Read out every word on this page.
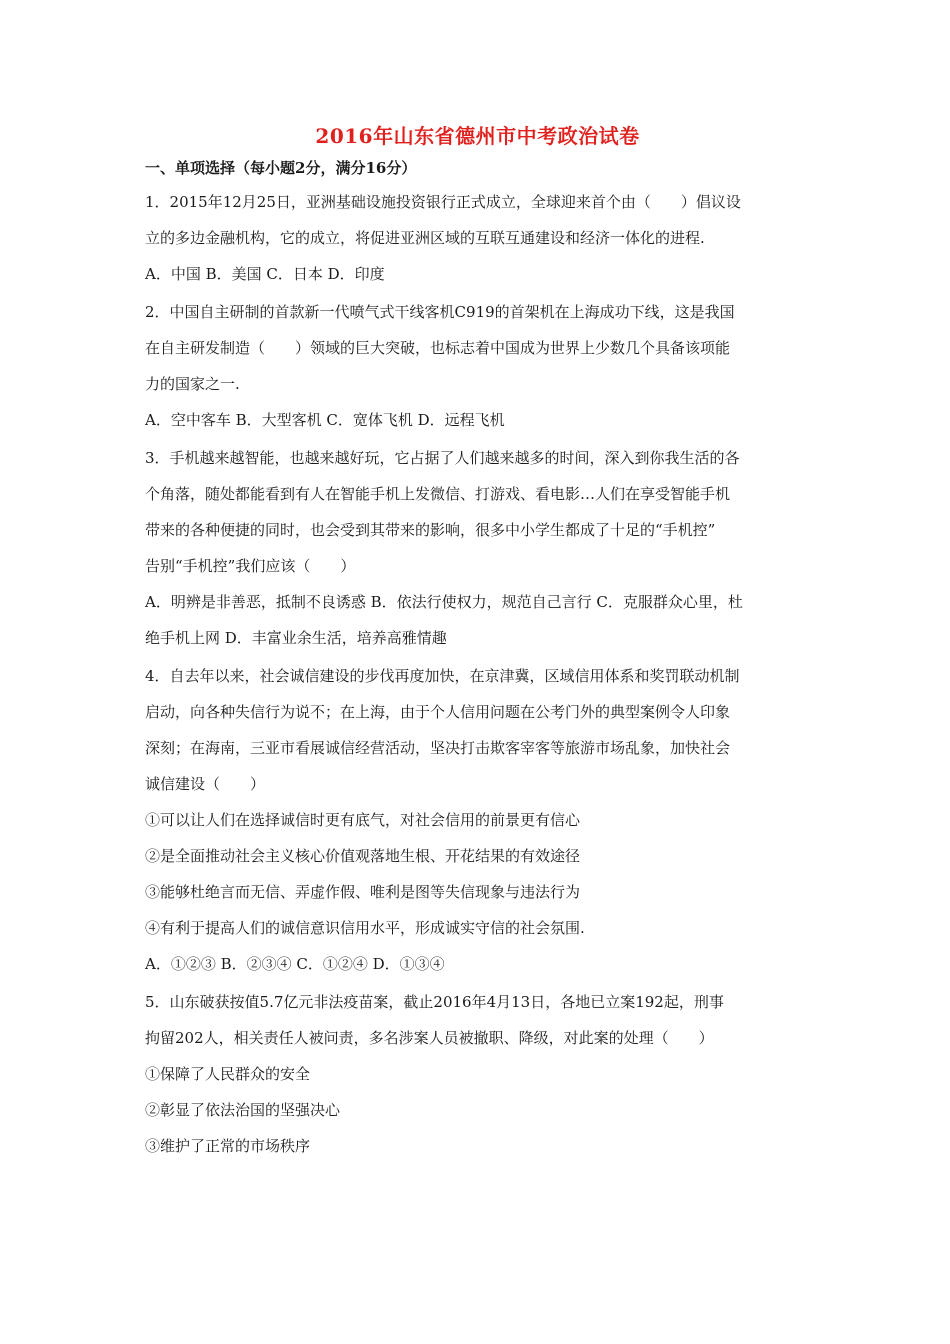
2016年山东省德州市中考政治试卷
一、单项选择（每小题2分，满分16分）
1．2015年12月25日，亚洲基础设施投资银行正式成立，全球迎来首个由（　　）倡议设
立的多边金融机构，它的成立，将促进亚洲区域的互联互通建设和经济一体化的进程.
A．中国 B．美国 C．日本 D．印度
2．中国自主研制的首款新一代喷气式干线客机C919的首架机在上海成功下线，这是我国
在自主研发制造（　　）领域的巨大突破，也标志着中国成为世界上少数几个具备该项能
力的国家之一.
A．空中客车 B．大型客机 C．宽体飞机 D．远程飞机
3．手机越来越智能，也越来越好玩，它占据了人们越来越多的时间，深入到你我生活的各
个角落，随处都能看到有人在智能手机上发微信、打游戏、看电影…人们在享受智能手机
带来的各种便捷的同时，也会受到其带来的影响，很多中小学生都成了十足的“手机控”
告别“手机控”我们应该（　　）
A．明辨是非善恶，抵制不良诱惑 B．依法行使权力，规范自己言行 C．克服群众心里，杜
绝手机上网 D．丰富业余生活，培养高雅情趣
4．自去年以来，社会诚信建设的步伐再度加快，在京津冀，区域信用体系和奖罚联动机制
启动，向各种失信行为说不；在上海，由于个人信用问题在公考门外的典型案例令人印象
深刻；在海南，三亚市看展诚信经营活动，坚决打击欺客宰客等旅游市场乱象，加快社会
诚信建设（　　）
①可以让人们在选择诚信时更有底气，对社会信用的前景更有信心
②是全面推动社会主义核心价值观落地生根、开花结果的有效途径
③能够杜绝言而无信、弄虚作假、唯利是图等失信现象与违法行为
④有利于提高人们的诚信意识信用水平，形成诚实守信的社会氛围.
A．①②③ B．②③④ C．①②④ D．①③④
5．山东破获按值5.7亿元非法疫苗案，截止2016年4月13日，各地已立案192起，刑事
拘留202人，相关责任人被问责，多名涉案人员被撤职、降级，对此案的处理（　　）
①保障了人民群众的安全
②彰显了依法治国的坚强决心
③维护了正常的市场秩序
